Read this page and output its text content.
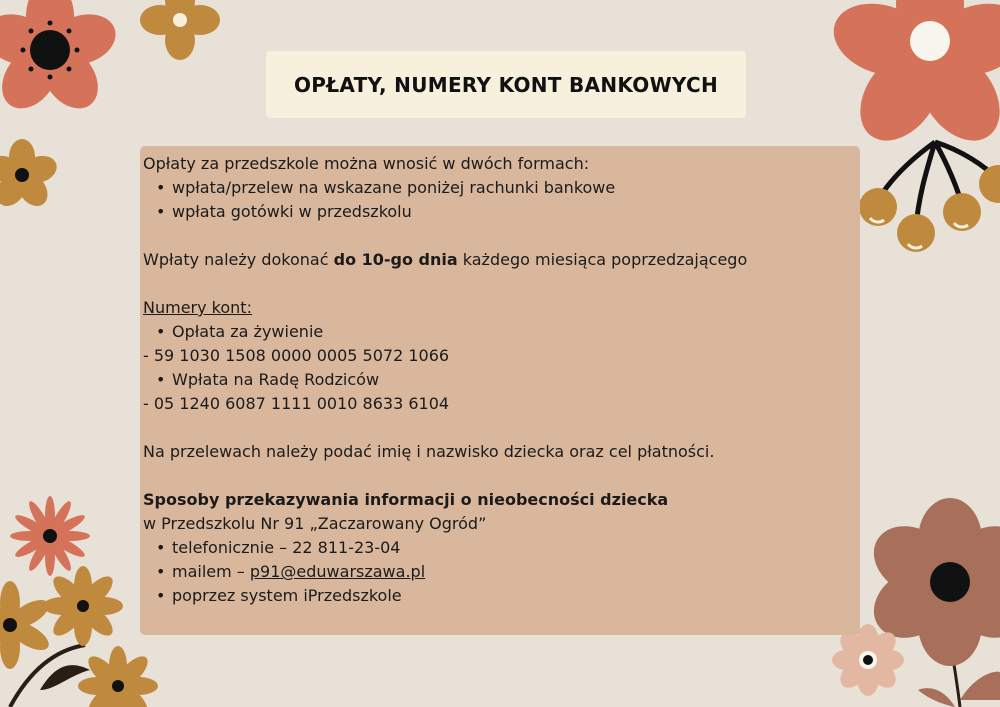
OPŁATY, NUMERY KONT BANKOWYCH
Opłaty za przedszkole można wnosić w dwóch formach:
• wpłata/przelew na wskazane poniżej rachunki bankowe
• wpłata gotówki w przedszkolu
Wpłaty należy dokonać do 10-go dnia każdego miesiąca poprzedzającego
Numery kont:
• Opłata za żywienie
- 59 1030 1508 0000 0005 5072 1066
• Wpłata na Radę Rodziców
- 05 1240 6087 1111 0010 8633 6104
Na przelewach należy podać imię i nazwisko dziecka oraz cel płatności.
Sposoby przekazywania informacji o nieobecności dziecka
w Przedszkolu Nr 91 „Zaczarowany Ogród”
• telefonicznie – 22 811-23-04
• mailem – p91@eduwarszawa.pl
• poprzez system iPrzedszkole
